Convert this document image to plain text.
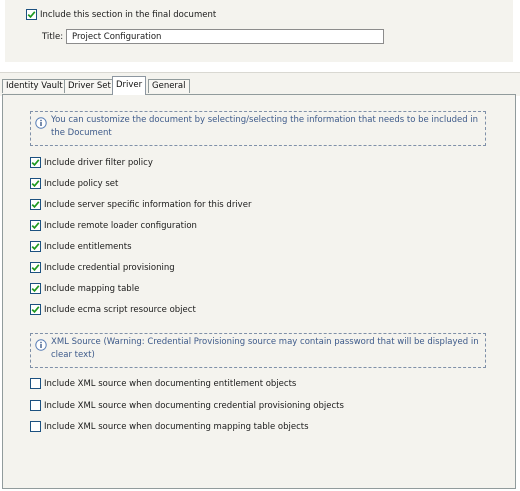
Include this section in the final document
Title:	Project Configuration
Identity Vault Driver Set Driver	General
You can customize the document by selecting/selecting the information that needs to be included in the Document
Include driver filter policy
Include policy set
Include server specific information for this driver
Include remote loader configuration
Include entitlements
Include credential provisioning
Include mapping table
Include ecma script resource object
XML Source (Warning: Credential Provisioning source may contain password that will be displayed in clear text)
Include XML source when documenting entitlement objects
Include XML source when documenting credential provisioning objects
Include XML source when documenting mapping table objects
